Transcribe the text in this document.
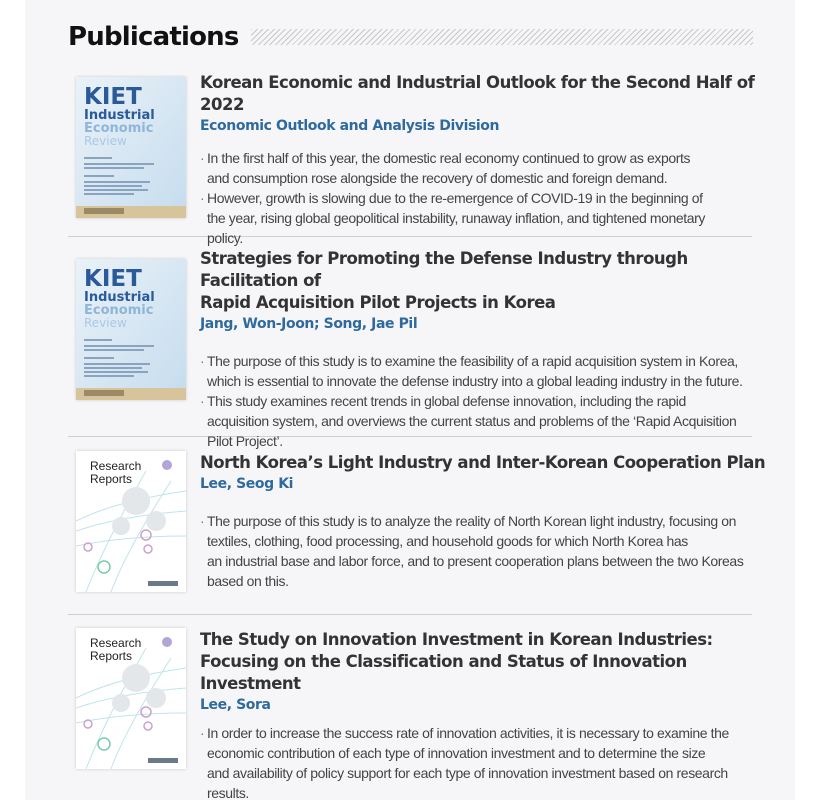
Publications
KIET
Industrial
Economic
Review
Korean Economic and Industrial Outlook for the Second Half of 2022
Economic Outlook and Analysis Division
· In the first half of this year, the domestic real economy continued to grow as exports
and consumption rose alongside the recovery of domestic and foreign demand.
· However, growth is slowing due to the re-emergence of COVID-19 in the beginning of
the year, rising global geopolitical instability, runaway inflation, and tightened monetary
policy.
KIET
Industrial
Economic
Review
Strategies for Promoting the Defense Industry through Facilitation of
Rapid Acquisition Pilot Projects in Korea
Jang, Won-Joon; Song, Jae Pil
· The purpose of this study is to examine the feasibility of a rapid acquisition system in Korea,
which is essential to innovate the defense industry into a global leading industry in the future.
· This study examines recent trends in global defense innovation, including the rapid
acquisition system, and overviews the current status and problems of the ‘Rapid Acquisition
Pilot Project’.
Research
Reports
North Korea’s Light Industry and Inter-Korean Cooperation Plan
Lee, Seog Ki
· The purpose of this study is to analyze the reality of North Korean light industry, focusing on
textiles, clothing, food processing, and household goods for which North Korea has
an industrial base and labor force, and to present cooperation plans between the two Koreas
based on this.
Research
Reports
The Study on Innovation Investment in Korean Industries:
Focusing on the Classification and Status of Innovation Investment
Lee, Sora
· In order to increase the success rate of innovation activities, it is necessary to examine the
economic contribution of each type of innovation investment and to determine the size
and availability of policy support for each type of innovation investment based on research
results.
